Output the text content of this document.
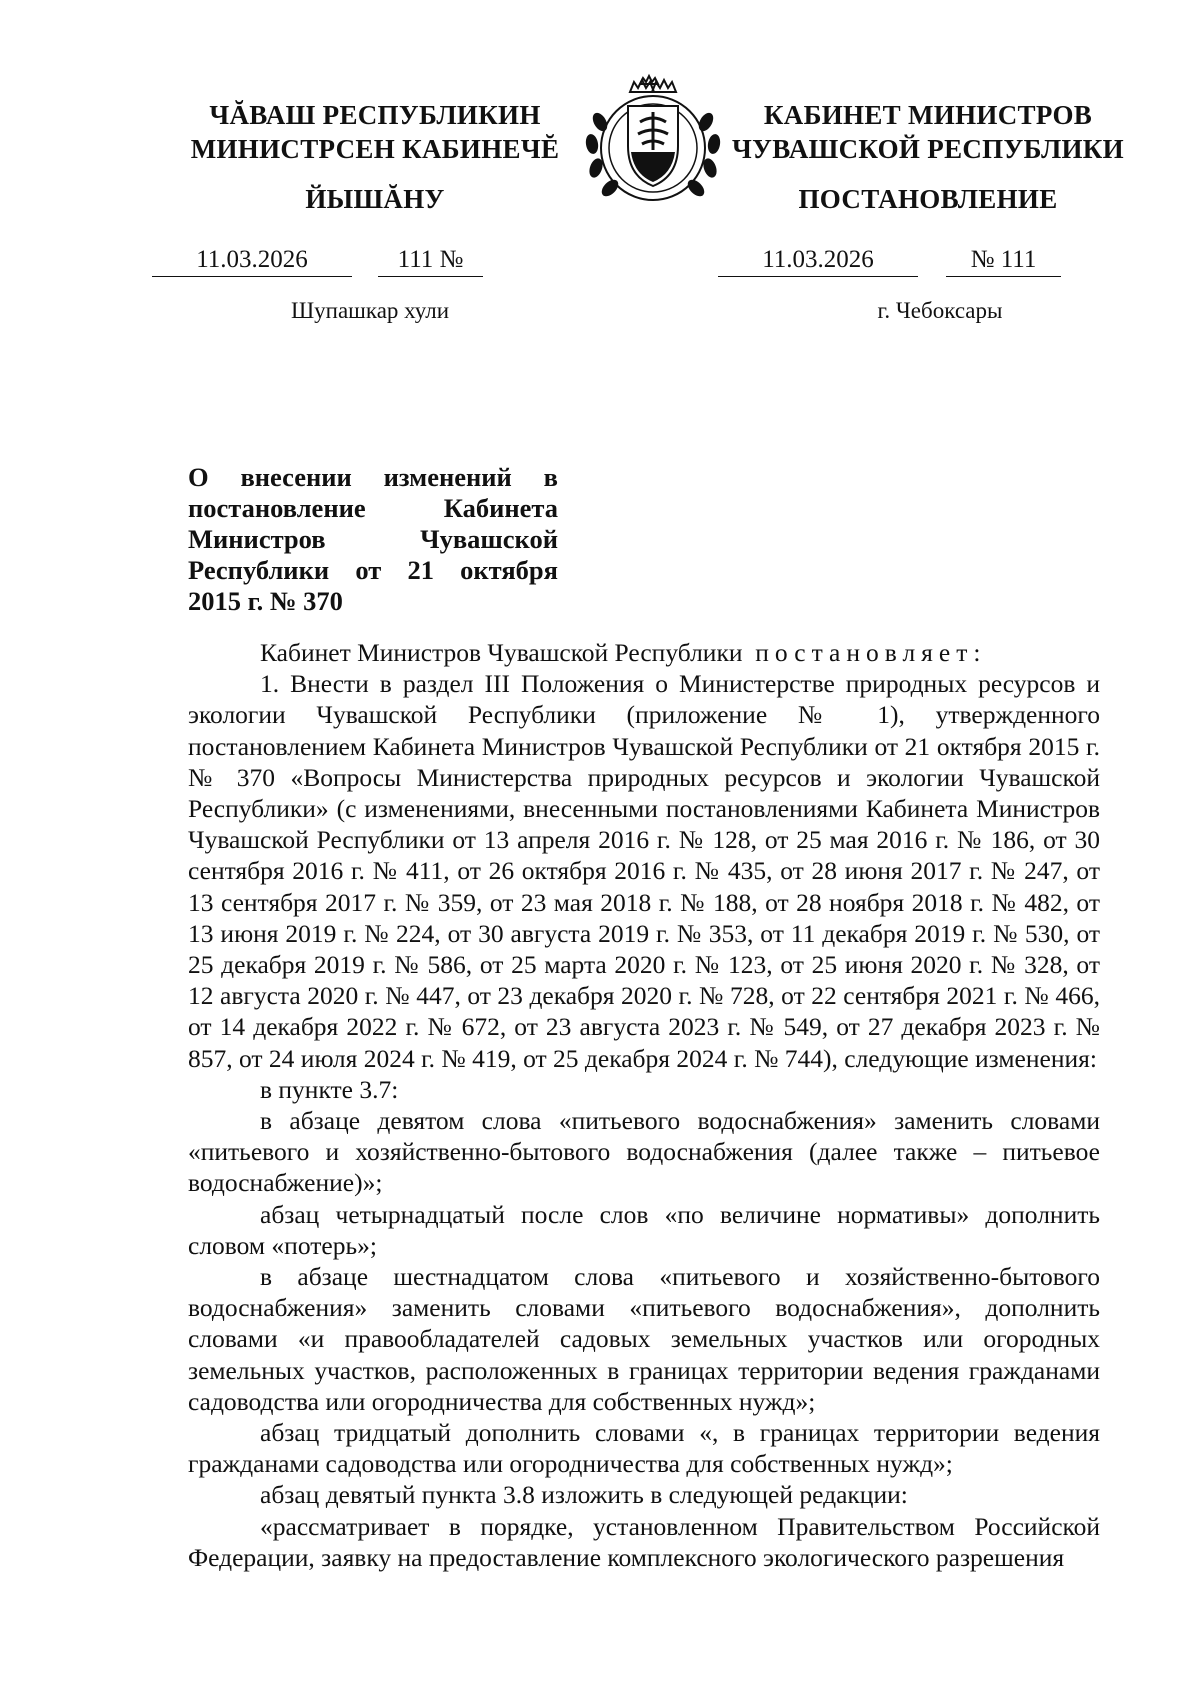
ЧĂВАШ РЕСПУБЛИКИН
МИНИСТРСЕН КАБИНЕЧĔ
ЙЫШĂНУ
КАБИНЕТ МИНИСТРОВ
ЧУВАШСКОЙ РЕСПУБЛИКИ
ПОСТАНОВЛЕНИЕ
11.03.2026	111 №	11.03.2026	№ 111
Шупашкар хули	г. Чебоксары
О внесении изменений в постановление Кабинета Министров Чувашской Республики от 21 октября 2015 г. № 370

Кабинет Министров Чувашской Республики постановляет:

1. Внести в раздел III Положения о Министерстве природных ресурсов и экологии Чувашской Республики (приложение № 1), утвержденного постановлением Кабинета Министров Чувашской Республики от 21 октября 2015 г. № 370 «Вопросы Министерства природных ресурсов и экологии Чувашской Республики» (с изменениями, внесенными постановлениями Кабинета Министров Чувашской Республики от 13 апреля 2016 г. № 128, от 25 мая 2016 г. № 186, от 30 сентября 2016 г. № 411, от 26 октября 2016 г. № 435, от 28 июня 2017 г. № 247, от 13 сентября 2017 г. № 359, от 23 мая 2018 г. № 188, от 28 ноября 2018 г. № 482, от 13 июня 2019 г. № 224, от 30 августа 2019 г. № 353, от 11 декабря 2019 г. № 530, от 25 декабря 2019 г. № 586, от 25 марта 2020 г. № 123, от 25 июня 2020 г. № 328, от 12 августа 2020 г. № 447, от 23 декабря 2020 г. № 728, от 22 сентября 2021 г. № 466, от 14 декабря 2022 г. № 672, от 23 августа 2023 г. № 549, от 27 декабря 2023 г. № 857, от 24 июля 2024 г. № 419, от 25 декабря 2024 г. № 744), следующие изменения:

в пункте 3.7:

в абзаце девятом слова «питьевого водоснабжения» заменить словами «питьевого и хозяйственно-бытового водоснабжения (далее также – питьевое водоснабжение)»;

абзац четырнадцатый после слов «по величине нормативы» дополнить словом «потерь»;

в абзаце шестнадцатом слова «питьевого и хозяйственно-бытового водоснабжения» заменить словами «питьевого водоснабжения», дополнить словами «и правообладателей садовых земельных участков или огородных земельных участков, расположенных в границах территории ведения гражданами садоводства или огородничества для собственных нужд»;

абзац тридцатый дополнить словами «, в границах территории ведения гражданами садоводства или огородничества для собственных нужд»;

абзац девятый пункта 3.8 изложить в следующей редакции:

«рассматривает в порядке, установленном Правительством Российской Федерации, заявку на предоставление комплексного экологического разрешения
